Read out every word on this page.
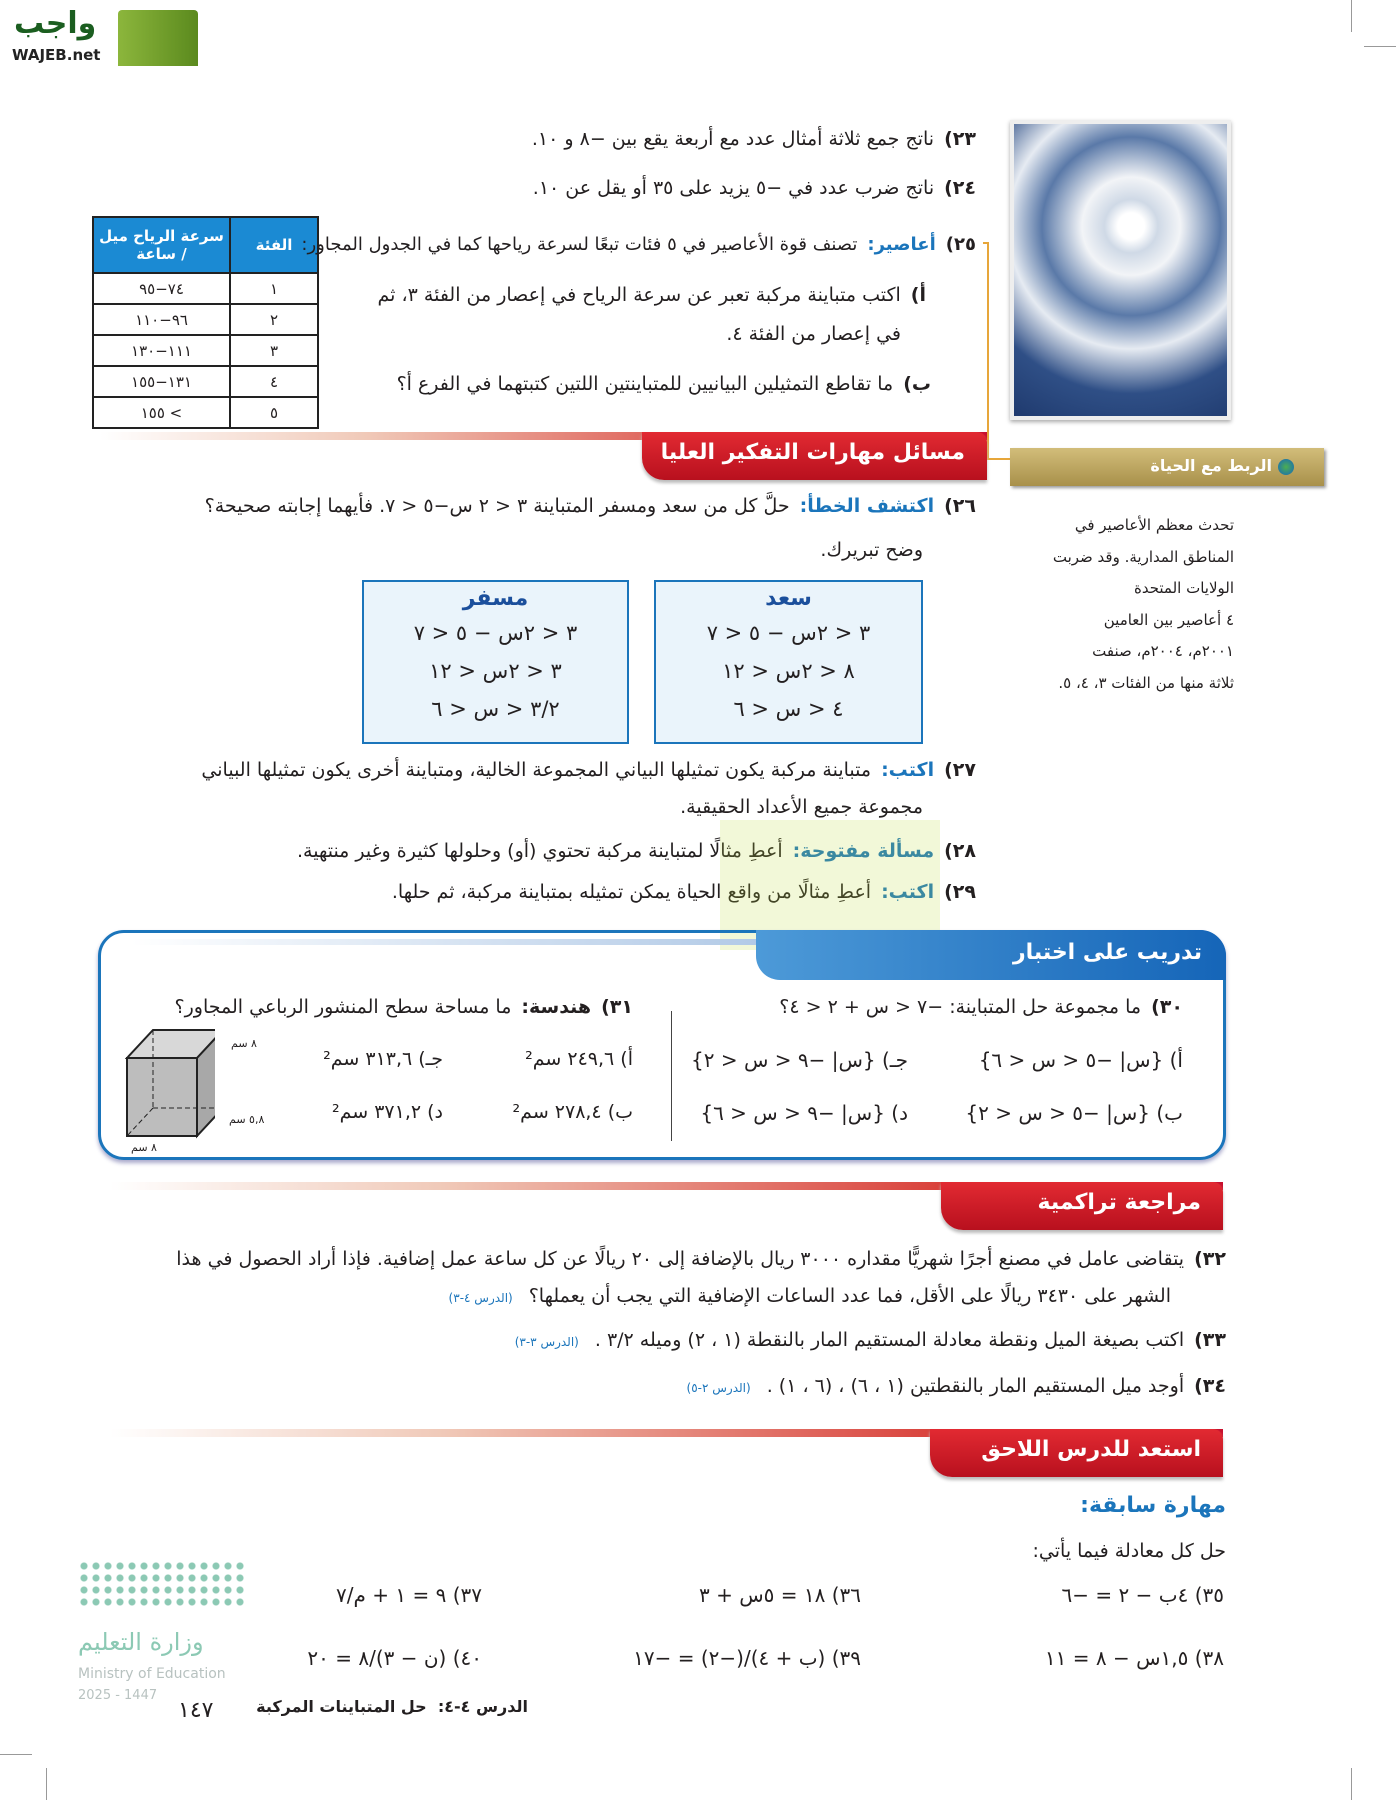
واجب
WAJEB.net
الربط مع الحياة
تحدث معظم الأعاصير في
المناطق المدارية. وقد ضربت
الولايات المتحدة
٤ أعاصير بين العامين
٢٠٠١م، ٢٠٠٤م، صنفت
ثلاثة منها من الفئات ٣، ٤، ٥.
٢٣)ناتج جمع ثلاثة أمثال عدد مع أربعة يقع بين −٨ و ١٠.
٢٤)ناتج ضرب عدد في −٥ يزيد على ٣٥ أو يقل عن ١٠.
الفئة	سرعة الرياح ميل / ساعة
١	٧٤−٩٥
٢	٩٦−١١٠
٣	١١١−١٣٠
٤	١٣١−١٥٥
٥	> ١٥٥
٢٥)أعاصير:تصنف قوة الأعاصير في ٥ فئات تبعًا لسرعة رياحها كما في الجدول المجاور:
أ)اكتب متباينة مركبة تعبر عن سرعة الرياح في إعصار من الفئة ٣، ثم
في إعصار من الفئة ٤.
ب)ما تقاطع التمثيلين البيانيين للمتباينتين اللتين كتبتهما في الفرع أ؟
مسائل مهارات التفكير العليا
٢٦)اكتشف الخطأ:حلَّ كل من سعد ومسفر المتباينة ٣ < ٢ س−٥ < ٧. فأيهما إجابته صحيحة؟
وضح تبريرك.
سعد
٣ < ٢س − ٥ < ٧
٨ < ٢س < ١٢
٤ < س < ٦
مسفر
٣ < ٢س − ٥ < ٧
٣ < ٢س < ١٢
٣/٢ < س < ٦
٢٧)اكتب:متباينة مركبة يكون تمثيلها البياني المجموعة الخالية، ومتباينة أخرى يكون تمثيلها البياني
مجموعة جميع الأعداد الحقيقية.
٢٨)مسألة مفتوحة:أعطِ مثالًا لمتباينة مركبة تحتوي (أو) وحلولها كثيرة وغير منتهية.
٢٩)اكتب:أعطِ مثالًا من واقع الحياة يمكن تمثيله بمتباينة مركبة، ثم حلها.
تدريب على اختبار
٣٠)ما مجموعة حل المتباينة: −٧ < س + ٢ < ٤؟
أ) {س| −٥ < س < ٦}
ب) {س| −٥ < س < ٢}
جـ) {س| −٩ < س < ٢}
د) {س| −٩ < س < ٦}
٣١)هندسة:ما مساحة سطح المنشور الرباعي المجاور؟
أ) ٢٤٩,٦ سم²
ب) ٢٧٨,٤ سم²
جـ) ٣١٣,٦ سم²
د) ٣٧١,٢ سم²
٨ سم
٥,٨ سم
٨ سم
مراجعة تراكمية
٣٢)يتقاضى عامل في مصنع أجرًا شهريًّا مقداره ٣٠٠٠ ريال بالإضافة إلى ٢٠ ريالًا عن كل ساعة عمل إضافية. فإذا أراد الحصول في هذا
الشهر على ٣٤٣٠ ريالًا على الأقل، فما عدد الساعات الإضافية التي يجب أن يعملها؟(الدرس ٤-٣)
٣٣)اكتب بصيغة الميل ونقطة معادلة المستقيم المار بالنقطة (١ ، ٢) وميله ٣/٢ .(الدرس ٣-٣)
٣٤)أوجد ميل المستقيم المار بالنقطتين (١ ، ٦) ، (٦ ، ١) .(الدرس ٢-٥)
استعد للدرس اللاحق
مهارة سابقة:
حل كل معادلة فيما يأتي:
٣٥) ٤ب − ٢ = −٦
٣٦) ١٨ = ٥س + ٣
٣٧) ٩ = ١ + م/٧
٣٨) ١,٥س − ٨ = ١١
٣٩) (ب + ٤)/(−٢) = −١٧
٤٠) (ن − ٣)/٨ = ٢٠
وزارة التعليم
Ministry of Education
2025 - 1447
الدرس ٤-٤:  حل المتباينات المركبة
١٤٧
